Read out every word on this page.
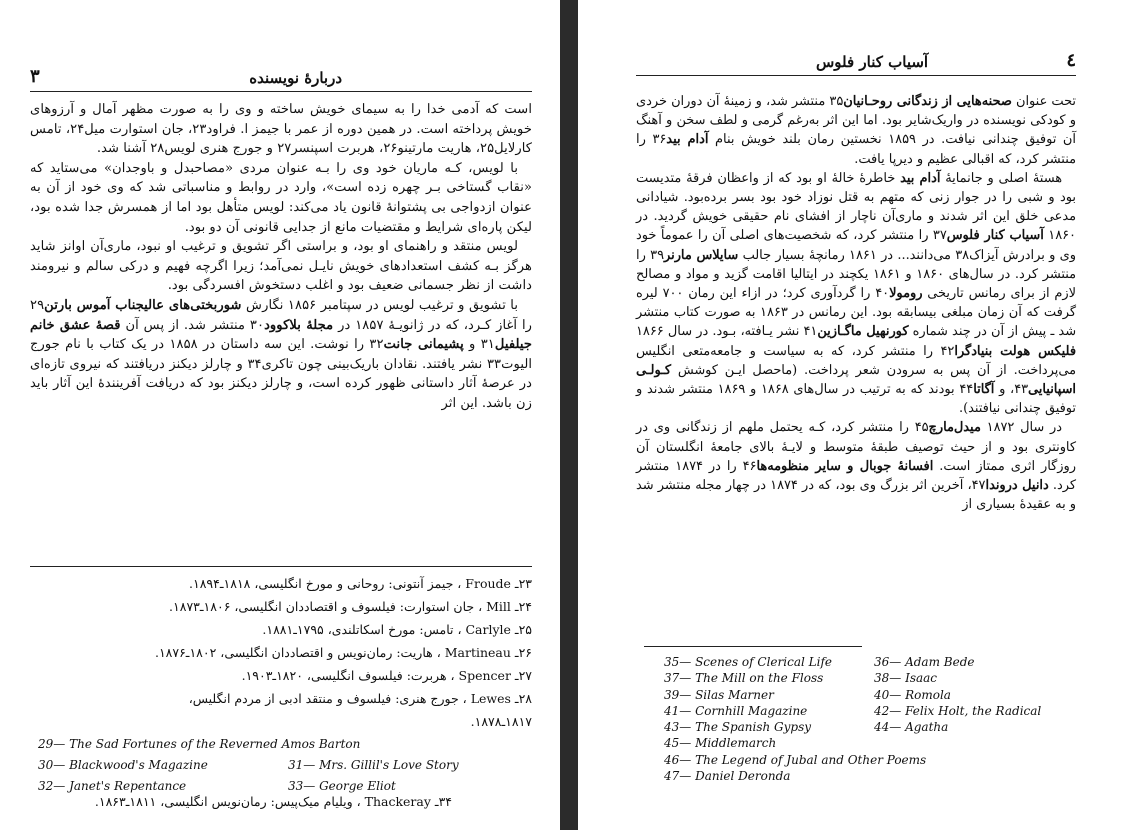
۳	دربارهٔ نویسنده

است که آدمی خدا را به سیمای خویش ساخته و وی را به صورت مظهر آمال و آرزوهای خویش پرداخته است. در همین دوره از عمر با جیمز ا. فراود۲۳، جان استوارت میل۲۴، تامس کارلایل۲۵، هاریت مارتینو۲۶، هربرت اسپنسر۲۷ و جورج هنری لویس۲۸ آشنا شد.

با لویس، کـه ماریان خود وی را بـه عنوان مردی «مصاحبدل و باوجدان» می‌ستاید که «نقاب گستاخی بـر چهره زده است»، وارد در روابط و مناسباتی شد که وی خود از آن به عنوان ازدواجی بی پشتوانهٔ قانون یاد می‌کند: لویس متأهل بود اما از همسرش جدا شده بود، لیکن پاره‌ای شرایط و مقتضیات مانع از جدایی قانونی آن دو بود.

لویس منتقد و راهنمای او بود، و براستی اگر تشویق و ترغیب او نبود، ماری‌آن اوانز شاید هرگز بـه کشف استعدادهای خویش نایـل نمی‌آمد؛ زیرا اگرچه فهیم و درکی سالم و نیرومند داشت از نظر جسمانی ضعیف بود و اغلب دستخوش افسردگی بود.

با تشویق و ترغیب لویس در سپتامبر ۱۸۵۶ نگارش شوربختی‌های عالیجناب آموس بارتن۲۹ را آغاز کـرد، که در ژانویـهٔ ۱۸۵۷ در مجلهٔ بلاکوود۳۰ منتشر شد. از پس آن قصهٔ عشق خانم جیلفیل۳۱ و پشیمانی جانت۳۲ را نوشت. این سه داستان در ۱۸۵۸ در یک کتاب با نام جورج الیوت۳۳ نشر یافتند. نقادان باریک‌بینی چون تاکری۳۴ و چارلز دیکنز دریافتند که نیروی تازه‌ای در عرصهٔ آثار داستانی ظهور کرده است، و چارلز دیکنز بود که دریافت آفرینندهٔ این آثار باید زن باشد. این اثر

۲۳ـ Froude ، جیمز آنتونی: روحانی و مورخ انگلیسی، ۱۸۱۸ـ۱۸۹۴.
۲۴ـ Mill ، جان استوارت: فیلسوف و اقتصاددان انگلیسی، ۱۸۰۶ـ۱۸۷۳.
۲۵ـ Carlyle ، تامس: مورخ اسکاتلندی، ۱۷۹۵ـ۱۸۸۱.
۲۶ـ Martineau ، هاریت: رمان‌نویس و اقتصاددان انگلیسی، ۱۸۰۲ـ۱۸۷۶.
۲۷ـ Spencer ، هربرت: فیلسوف انگلیسی، ۱۸۲۰ـ۱۹۰۳.
۲۸ـ Lewes ، جورج هنری: فیلسوف و منتقد ادبی از مردم انگلیس،
۱۸۱۷ـ۱۸۷۸.
29— The Sad Fortunes of the Reverned Amos Barton
30— Blackwood's Magazine	31— Mrs. Gillil's Love Story
32— Janet's Repentance	33— George Eliot
۳۴ـ Thackeray ، ویلیام میک‌پیس: رمان‌نویس انگلیسی، ۱۸۱۱ـ۱۸۶۳.
آسیاب کنار فلوس	٤

تحت عنوان صحنه‌هایی از زندگانی روحـانیان۳۵ منتشر شد، و زمینهٔ آن دوران خردی و کودکی نویسنده در واریک‌شایر بود. اما این اثر به‌رغم گرمی و لطف سخن و آهنگ آن توفیق چندانی نیافت. در ۱۸۵۹ نخستین رمان بلند خویش بنام آدام بید۳۶ را منتشر کرد، که اقبالی عظیم و دیرپا یافت.

هستهٔ اصلی و جانمایهٔ آدام بید خاطرهٔ خالهٔ او بود که از واعظان فرقهٔ متدیست بود و شبی را در جوار زنی که متهم به قتل نوزاد خود بود بسر برده‌بود. شیادانی مدعی خلق این اثر شدند و ماری‌آن ناچار از افشای نام حقیقی خویش گردید. در ۱۸۶۰ آسیاب کنار فلوس۳۷ را منتشر کرد، که شخصیت‌های اصلی آن را عموماً خود وی و برادرش آیزاک۳۸ می‌دانند... در ۱۸۶۱ رمانچهٔ بسیار جالب سایلاس مارنر۳۹ را منتشر کرد. در سال‌های ۱۸۶۰ و ۱۸۶۱ یکچند در ایتالیا اقامت گزید و مواد و مصالح لازم از برای رمانس تاریخی رومولا۴۰ را گردآوری کرد؛ در ازاء این رمان ۷۰۰ لیره گرفت که آن زمان مبلغی بیسابقه بود. این رمانس در ۱۸۶۳ به صورت کتاب منتشر شد ـ پیش از آن در چند شماره کورنهیل ماگـازین۴۱ نشر یـافته، بـود. در سال ۱۸۶۶ فلیکس هولت بنیادگرا۴۲ را منتشر کرد، که به سیاست و جامعه‌متعی انگلیس می‌پرداخت. از آن پس به سرودن شعر پرداخت. (ماحصل ایـن کوشش کـولـی اسپانیایی۴۳، و آگاتا۴۴ بودند که به ترتیب در سال‌های ۱۸۶۸ و ۱۸۶۹ منتشر شدند و توفیق چندانی نیافتند).

در سال ۱۸۷۲ میدل‌مارچ۴۵ را منتشر کرد، کـه یحتمل ملهم از زندگانی وی در کاونتری بود و از حیث توصیف طبقهٔ متوسط و لایـهٔ بالای جامعهٔ انگلستان آن روزگار اثری ممتاز است. افسانهٔ جوبال و سایر منظومه‌ها۴۶ را در ۱۸۷۴ منتشر کرد. دانیل دروندا۴۷، آخرین اثر بزرگ وی بود، که در ۱۸۷۴ در چهار مجله منتشر شد و به عقیدهٔ بسیاری از

35— Scenes of Clerical Life	36— Adam Bede
37— The Mill on the Floss	38— Isaac
39— Silas Marner	40— Romola
41— Cornhill Magazine	42— Felix Holt, the Radical
43— The Spanish Gypsy	44— Agatha
45— Middlemarch
46— The Legend of Jubal and Other Poems
47— Daniel Deronda
